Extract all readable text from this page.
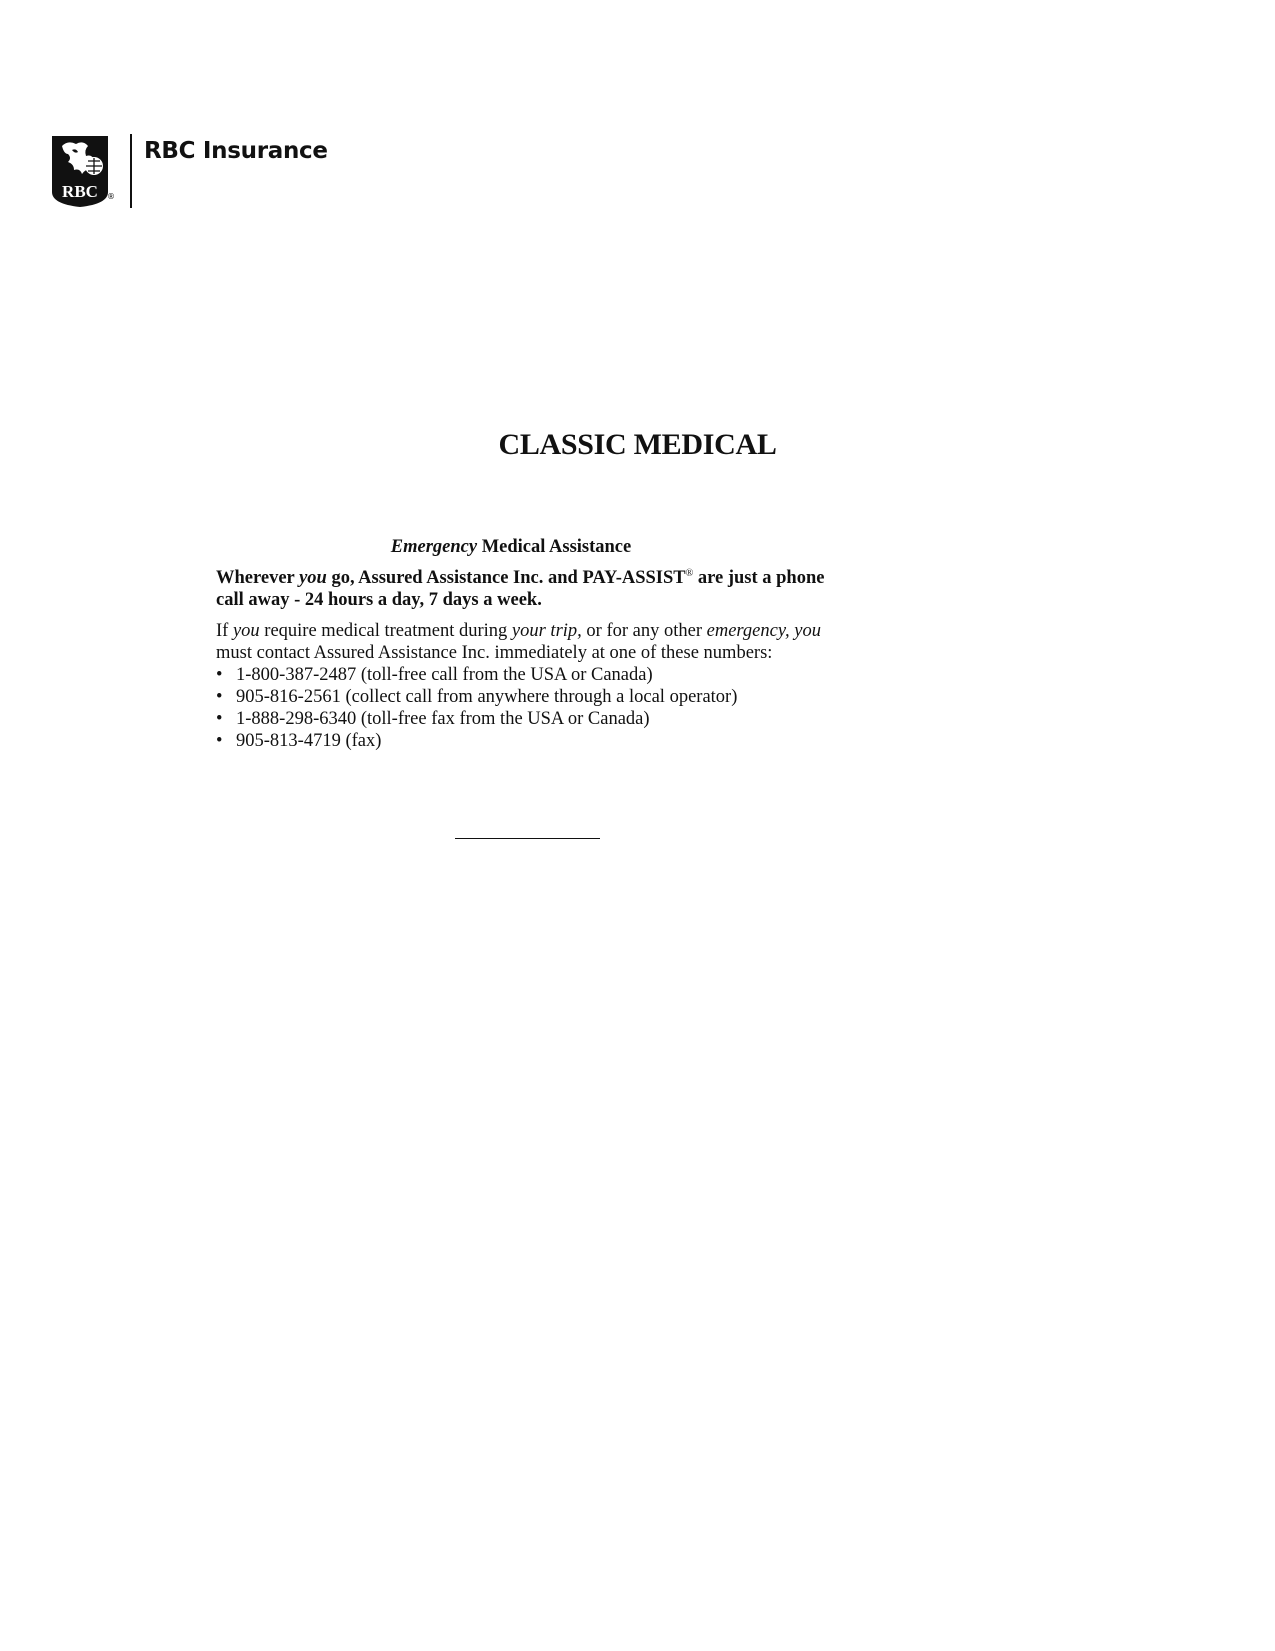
RBC ®
RBC Insurance
CLASSIC MEDICAL

Emergency Medical Assistance

Wherever you go, Assured Assistance Inc. and PAY-ASSIST® are just a phone call away - 24 hours a day, 7 days a week.

If you require medical treatment during your trip, or for any other emergency, you must contact Assured Assistance Inc. immediately at one of these numbers:

• 1-800-387-2487 (toll-free call from the USA or Canada)
• 905-816-2561 (collect call from anywhere through a local operator)
• 1-888-298-6340 (toll-free fax from the USA or Canada)
• 905-813-4719 (fax)
